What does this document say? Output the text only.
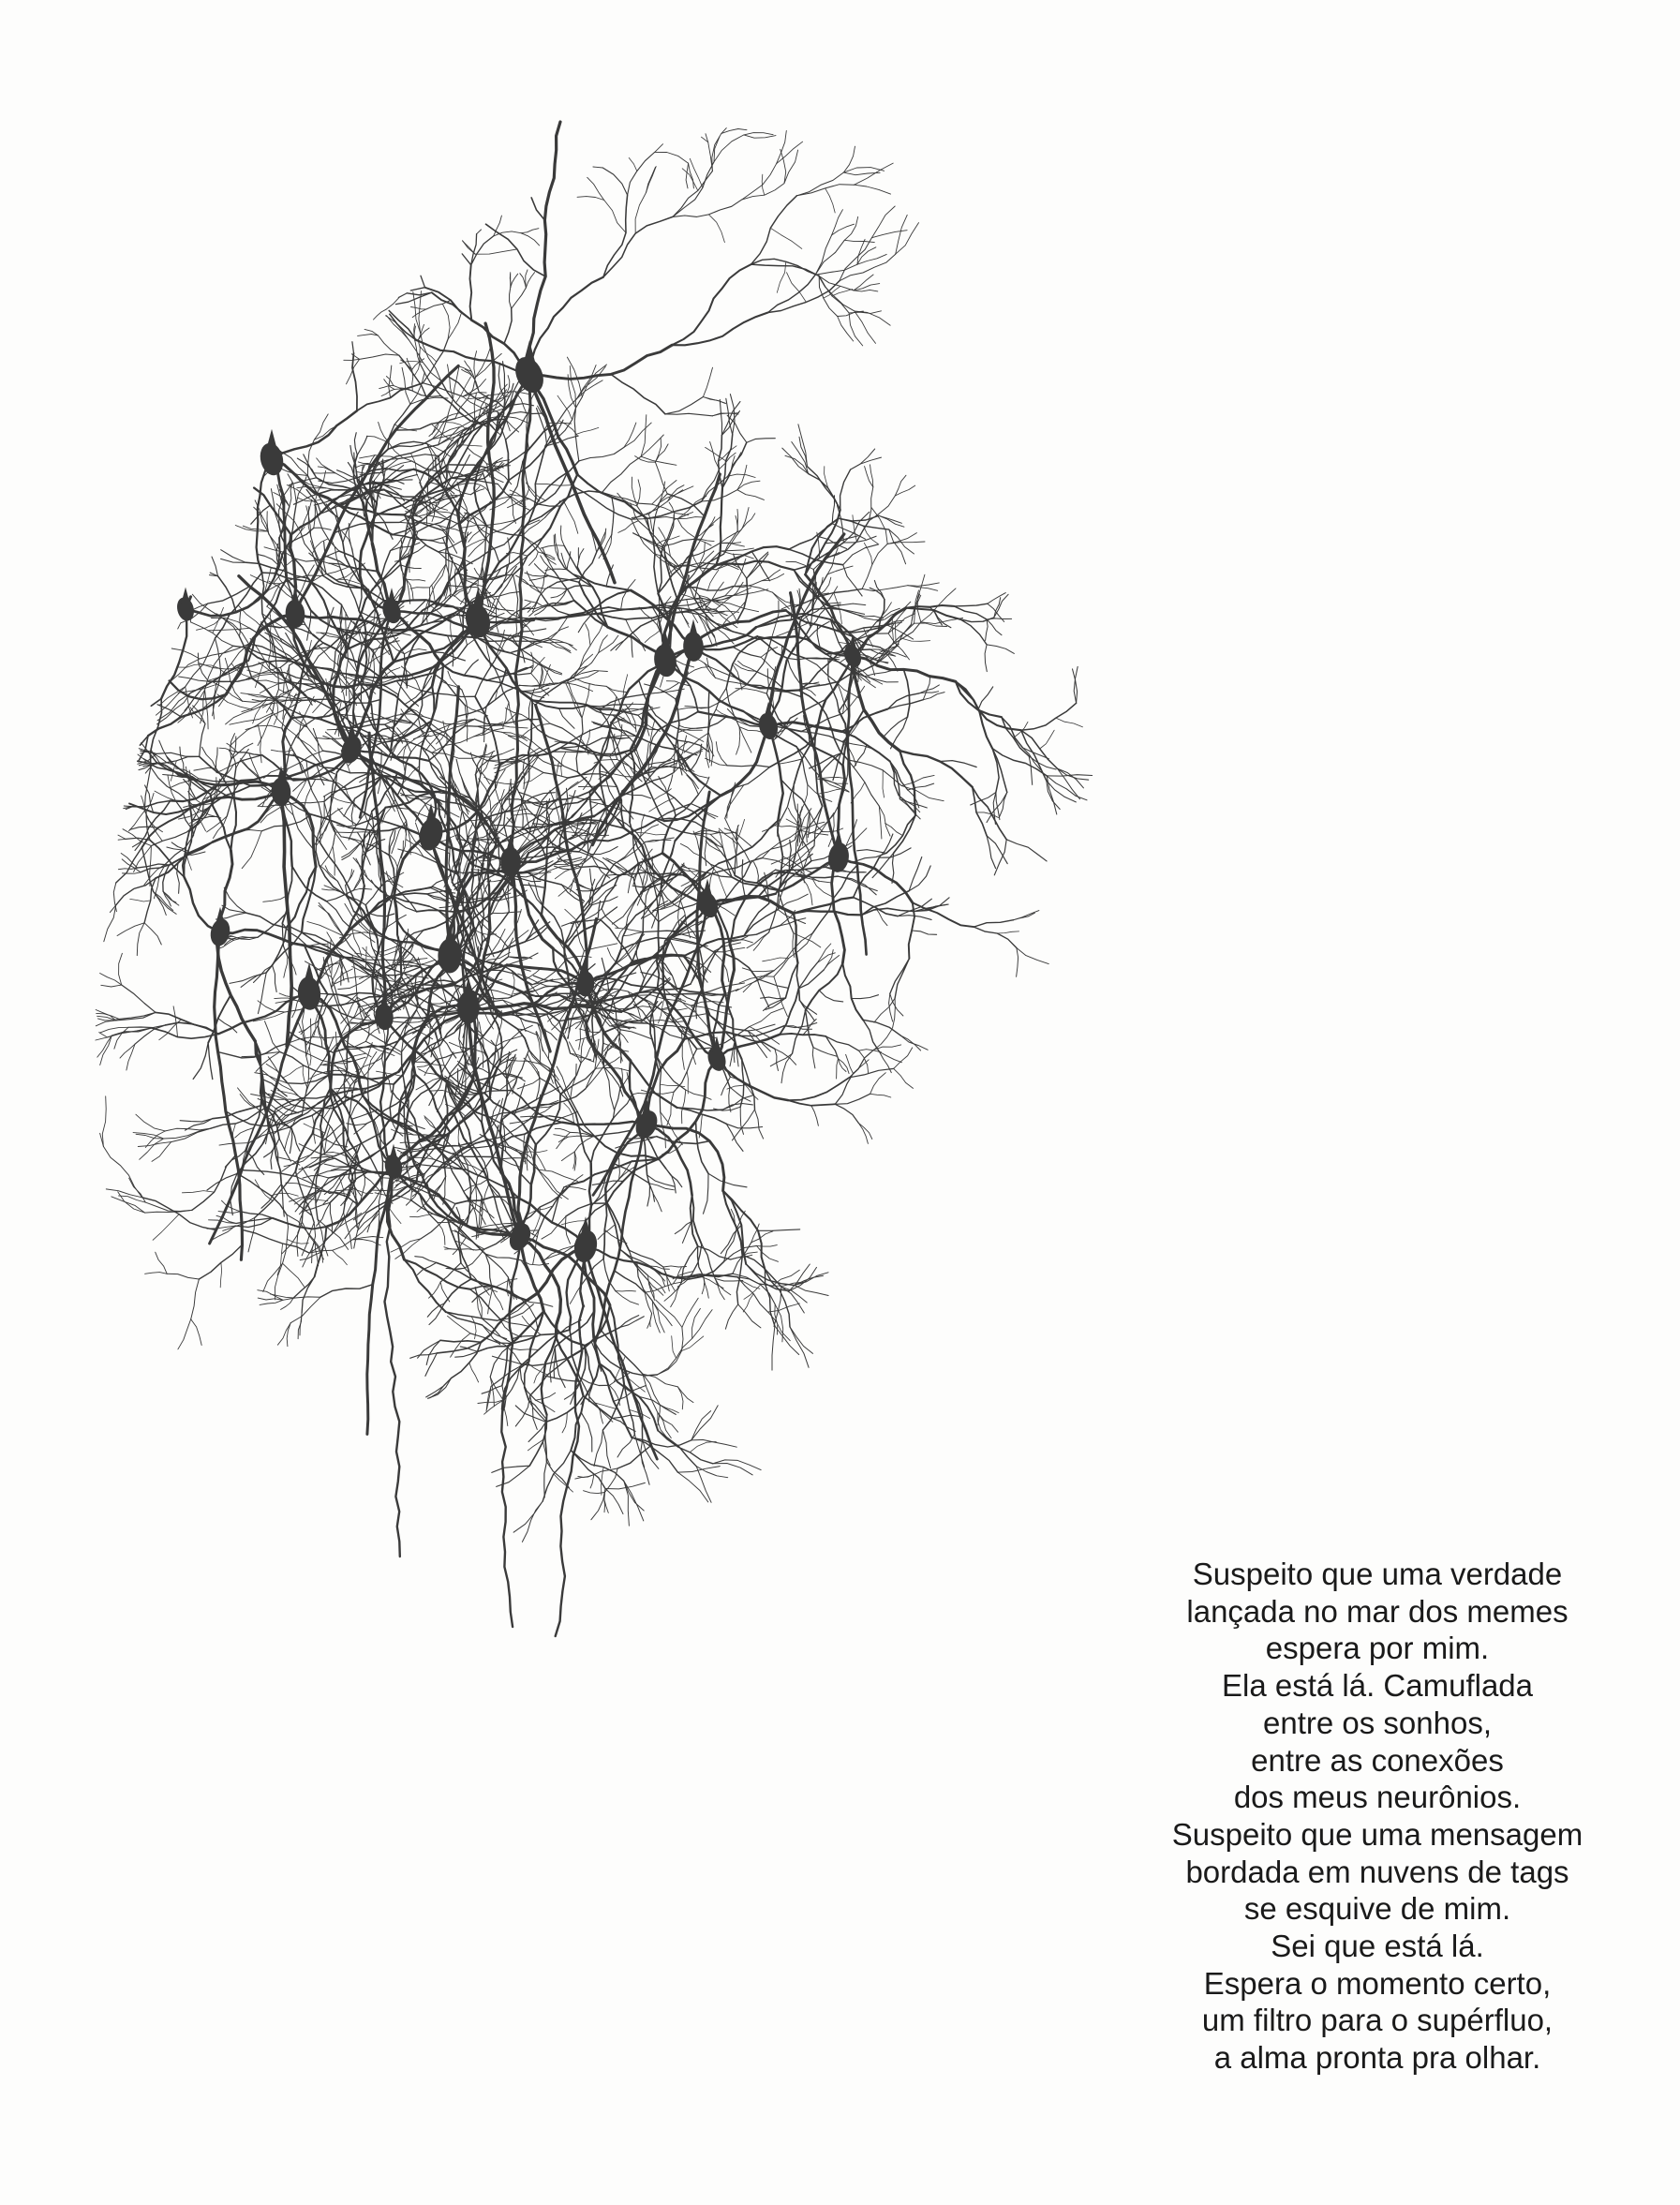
Suspeito que uma verdade
lançada no mar dos memes
espera por mim.
Ela está lá. Camuflada
entre os sonhos,
entre as conexões
dos meus neurônios.
Suspeito que uma mensagem
bordada em nuvens de tags
se esquive de mim.
Sei que está lá.
Espera o momento certo,
um filtro para o supérfluo,
a alma pronta pra olhar.
